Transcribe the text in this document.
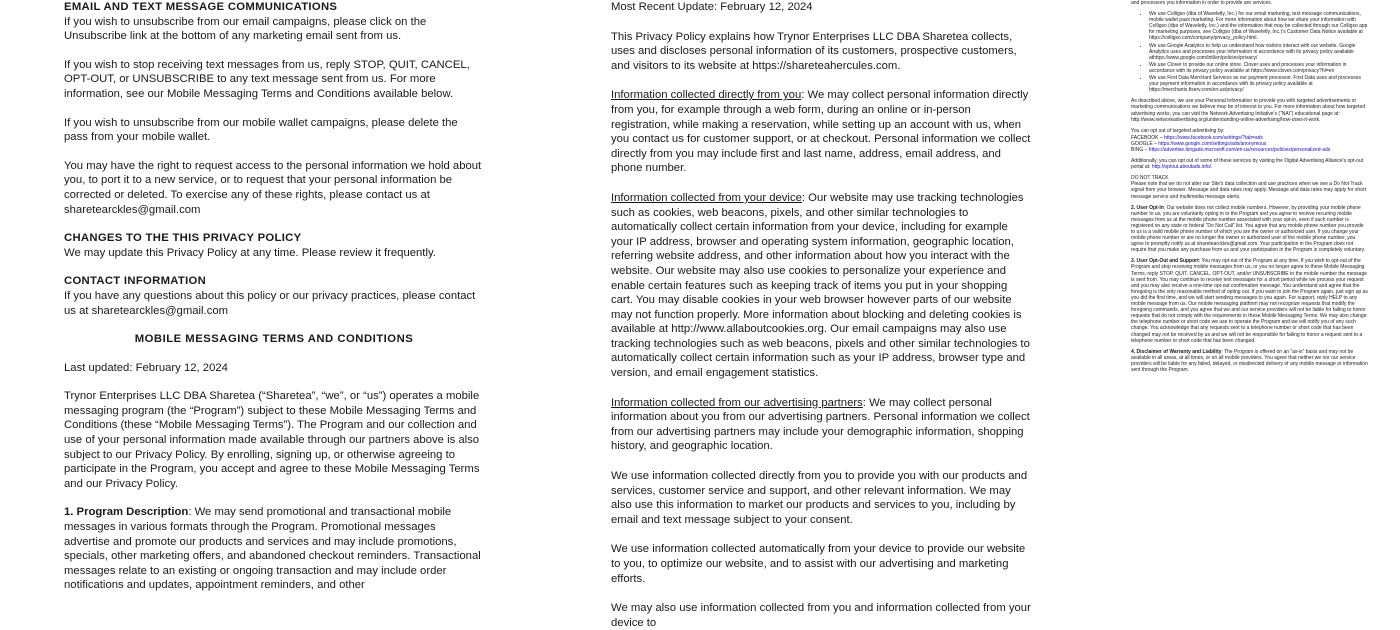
EMAIL AND TEXT MESSAGE COMMUNICATIONS

If you wish to unsubscribe from our email campaigns, please click on the Unsubscribe link at the bottom of any marketing email sent from us.

If you wish to stop receiving text messages from us, reply STOP, QUIT, CANCEL, OPT-OUT, or UNSUBSCRIBE to any text message sent from us. For more information, see our Mobile Messaging Terms and Conditions available below.

If you wish to unsubscribe from our mobile wallet campaigns, please delete the pass from your mobile wallet.

You may have the right to request access to the personal information we hold about you, to port it to a new service, or to request that your personal information be corrected or deleted. To exercise any of these rights, please contact us at sharetearckles@gmail.com

CHANGES TO THE THIS PRIVACY POLICY

We may update this Privacy Policy at any time. Please review it frequently.

CONTACT INFORMATION

If you have any questions about this policy or our privacy practices, please contact us at sharetearckles@gmail.com

MOBILE MESSAGING TERMS AND CONDITIONS

Last updated: February 12, 2024

Trynor Enterprises LLC DBA Sharetea (“Sharetea”, “we”, or “us”) operates a mobile messaging program (the “Program”) subject to these Mobile Messaging Terms and Conditions (these “Mobile Messaging Terms”). The Program and our collection and use of your personal information made available through our partners above is also subject to our Privacy Policy. By enrolling, signing up, or otherwise agreeing to participate in the Program, you accept and agree to these Mobile Messaging Terms and our Privacy Policy.

1. Program Description: We may send promotional and transactional mobile messages in various formats through the Program. Promotional messages advertise and promote our products and services and may include promotions, specials, other marketing offers, and abandoned checkout reminders. Transactional messages relate to an existing or ongoing transaction and may include order notifications and updates, appointment reminders, and other

Most Recent Update: February 12, 2024

This Privacy Policy explains how Trynor Enterprises LLC DBA Sharetea collects, uses and discloses personal information of its customers, prospective customers, and visitors to its website at https://shareteahercules.com.

Information collected directly from you: We may collect personal information directly from you, for example through a web form, during an online or in-person registration, while making a reservation, while setting up an account with us, when you contact us for customer support, or at checkout. Personal information we collect directly from you may include first and last name, address, email address, and phone number.

Information collected from your device: Our website may use tracking technologies such as cookies, web beacons, pixels, and other similar technologies to automatically collect certain information from your device, including for example your IP address, browser and operating system information, geographic location, referring website address, and other information about how you interact with the website. Our website may also use cookies to personalize your experience and enable certain features such as keeping track of items you put in your shopping cart. You may disable cookies in your web browser however parts of our website may not function properly. More information about blocking and deleting cookies is available at http://www.allaboutcookies.org. Our email campaigns may also use tracking technologies such as web beacons, pixels and other similar technologies to automatically collect certain information such as your IP address, browser type and version, and email engagement statistics.

Information collected from our advertising partners: We may collect personal information about you from our advertising partners. Personal information we collect from our advertising partners may include your demographic information, shopping history, and geographic location.

We use information collected directly from you to provide you with our products and services, customer service and support, and other relevant information. We may also use this information to market our products and services to you, including by email and text message subject to your consent.

We use information collected automatically from your device to provide our website to you, to optimize our website, and to assist with our advertising and marketing efforts.

We may also use information collected from you and information collected from your device to

and processors you information in order to provide are services.

• We use Colligso (dba of Waveletly, Inc.) for our email marketing, text message communications, mobile wallet pass marketing. For more information about how we share your information with Colligso (dba of Waveletly, Inc.) and the information that may be collected through our Colligso app for marketing purposes, see Colligso (dba of Waveletly, Inc.)'s Customer Data Notice available at https://colligso.com/company/privacy_policy.html.
• We use Google Analytics to help us understand how visitors interact with our website. Google Analytics uses and processes your information in accordance with its privacy policy available athttps://www.google.com/intl/en/policies/privacy/
• We use Clover to provide our online store. Clover uses and processes your information in accordance with its privacy policy available at https://www.clover.com/privacy?hl=en
• We use First Data Merchant Services as our payment processor. First Data uses and processes your payment information in accordance with its privacy policy available at https://merchants.fiserv.com/en-us/privacy/

As described above, we use your Personal Information to provide you with targeted advertisements or marketing communications we believe may be of interest to you. For more information about how targeted advertising works, you can visit the Network Advertising Initiative's (“NAI”) educational page at: http://www.networkadvertising.org/understanding-online-advertising/how-does-it-work.

You can opt out of targeted advertising by:

FACEBOOK – https://www.facebook.com/settings/?tab=ads

GOOGLE – https://www.google.com/settings/ads/anonymous

BING – https://advertise.bingads.microsoft.com/en-us/resources/policies/personalized-ads

Additionally, you can opt out of some of these services by visiting the Digital Advertising Alliance's opt-out portal at: http://optout.aboutads.info/.

DO NOT TRACK

Please note that we do not alter our Site's data collection and use practices when we see a Do Not Track signal from your browser. Message and data rates may apply. Message and data rates may apply for short message service and multimedia message alerts.

2. User Opt-In: Our website does not collect mobile numbers. However, by providing your mobile phone number to us, you are voluntarily opting in to the Program and you agree to receive recurring mobile messages from us at the mobile phone number associated with your opt-in, even if such number is registered on any state or federal “Do Not Call” list. You agree that any mobile phone number you provide to us is a valid mobile phone number of which you are the owner or authorized user. If you change your mobile phone number or are no longer the owner or authorized user of the mobile phone number, you agree to promptly notify us at sharetearckles@gmail.com. Your participation in the Program does not require that you make any purchase from us and your participation in the Program is completely voluntary.

3. User Opt-Out and Support: You may opt-out of the Program at any time. If you wish to opt-out of the Program and stop receiving mobile messages from us, or you no longer agree to these Mobile Messaging Terms, reply STOP, QUIT, CANCEL, OPT-OUT, and/or UNSUBSCRIBE to the mobile number the message is sent from. You may continue to receive text messages for a short period while we process your request and you may also receive a one-time opt-out confirmation message. You understand and agree that the foregoing is the only reasonable method of opting out. If you want to join the Program again, just sign up as you did the first time, and we will start sending messages to you again. For support, reply HELP to any mobile message from us. Our mobile messaging platform may not recognize requests that modify the foregoing commands, and you agree that we and our service providers will not be liable for failing to honor requests that do not comply with the requirements in these Mobile Messaging Terms. We may also change the telephone number or short code we use to operate the Program and we will notify you of any such change. You acknowledge that any requests sent to a telephone number or short code that has been changed may not be received by us and we will not be responsible for failing to honor a request sent to a telephone number or short code that has been changed.

4. Disclaimer of Warranty and Liability: The Program is offered on an “as-is” basis and may not be available in all areas, at all times, or on all mobile providers. You agree that neither we nor our service providers will be liable for any failed, delayed, or misdirected delivery of any mobile message or information sent through the Program.
